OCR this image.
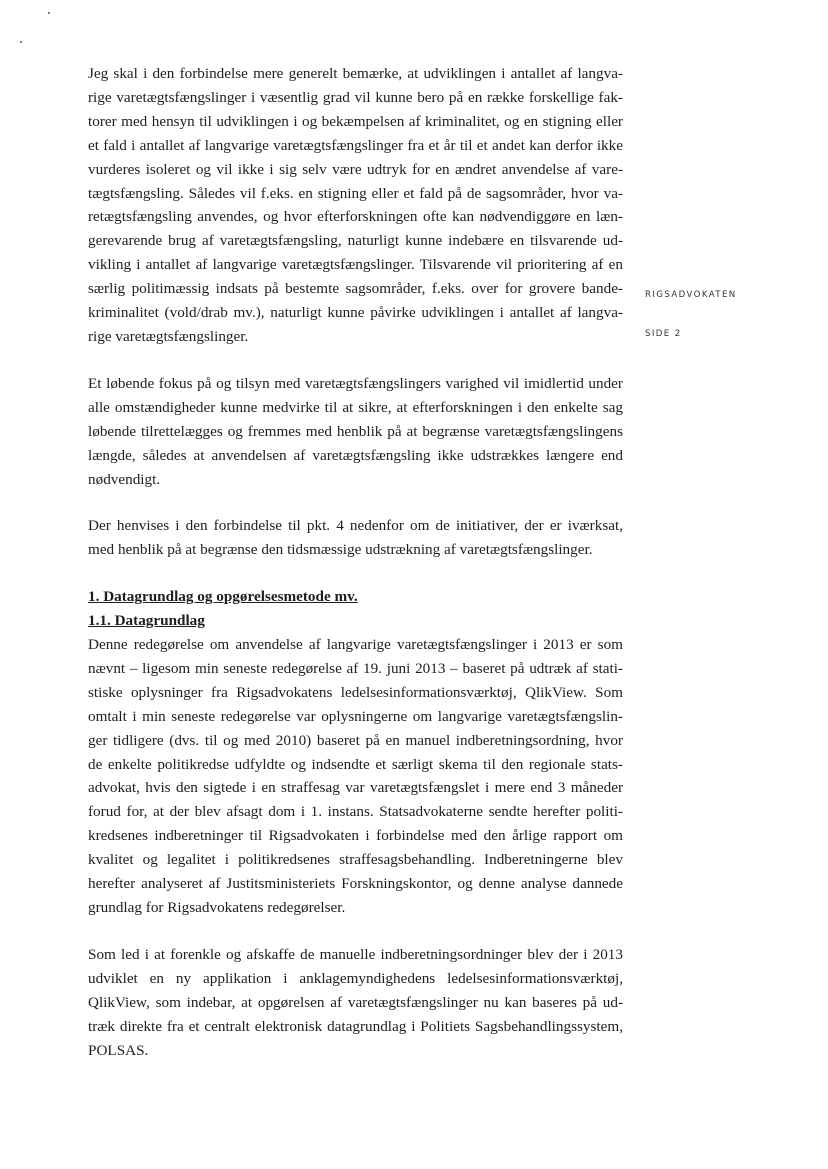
RIGSADVOKATEN
SIDE 2
Jeg skal i den forbindelse mere generelt bemærke, at udviklingen i antallet af langva-
rige varetægtsfængslinger i væsentlig grad vil kunne bero på en række forskellige fak-
torer med hensyn til udviklingen i og bekæmpelsen af kriminalitet, og en stigning eller
et fald i antallet af langvarige varetægtsfængslinger fra et år til et andet kan derfor ikke
vurderes isoleret og vil ikke i sig selv være udtryk for en ændret anvendelse af vare-
tægtsfængsling. Således vil f.eks. en stigning eller et fald på de sagsområder, hvor va-
retægtsfængsling anvendes, og hvor efterforskningen ofte kan nødvendiggøre en læn-
gerevarende brug af varetægtsfængsling, naturligt kunne indebære en tilsvarende ud-
vikling i antallet af langvarige varetægtsfængslinger. Tilsvarende vil prioritering af en
særlig politimæssig indsats på bestemte sagsområder, f.eks. over for grovere bande-
kriminalitet (vold/drab mv.), naturligt kunne påvirke udviklingen i antallet af langva-
rige varetægtsfængslinger.
Et løbende fokus på og tilsyn med varetægtsfængslingers varighed vil imidlertid under
alle omstændigheder kunne medvirke til at sikre, at efterforskningen i den enkelte sag
løbende tilrettelægges og fremmes med henblik på at begrænse varetægtsfængslingens
længde, således at anvendelsen af varetægtsfængsling ikke udstrækkes længere end
nødvendigt.
Der henvises i den forbindelse til pkt. 4 nedenfor om de initiativer, der er iværksat,
med henblik på at begrænse den tidsmæssige udstrækning af varetægtsfængslinger.
1. Datagrundlag og opgørelsesmetode mv.
1.1. Datagrundlag
Denne redegørelse om anvendelse af langvarige varetægtsfængslinger i 2013 er som
nævnt – ligesom min seneste redegørelse af 19. juni 2013 – baseret på udtræk af stati-
stiske oplysninger fra Rigsadvokatens ledelsesinformationsværktøj, QlikView. Som
omtalt i min seneste redegørelse var oplysningerne om langvarige varetægtsfængslin-
ger tidligere (dvs. til og med 2010) baseret på en manuel indberetningsordning, hvor
de enkelte politikredse udfyldte og indsendte et særligt skema til den regionale stats-
advokat, hvis den sigtede i en straffesag var varetægtsfængslet i mere end 3 måneder
forud for, at der blev afsagt dom i 1. instans. Statsadvokaterne sendte herefter politi-
kredsenes indberetninger til Rigsadvokaten i forbindelse med den årlige rapport om
kvalitet og legalitet i politikredsenes straffesagsbehandling. Indberetningerne blev
herefter analyseret af Justitsministeriets Forskningskontor, og denne analyse dannede
grundlag for Rigsadvokatens redegørelser.
Som led i at forenkle og afskaffe de manuelle indberetningsordninger blev der i 2013
udviklet en ny applikation i anklagemyndighedens ledelsesinformationsværktøj,
QlikView, som indebar, at opgørelsen af varetægtsfængslinger nu kan baseres på ud-
træk direkte fra et centralt elektronisk datagrundlag i Politiets Sagsbehandlingssystem,
POLSAS.
